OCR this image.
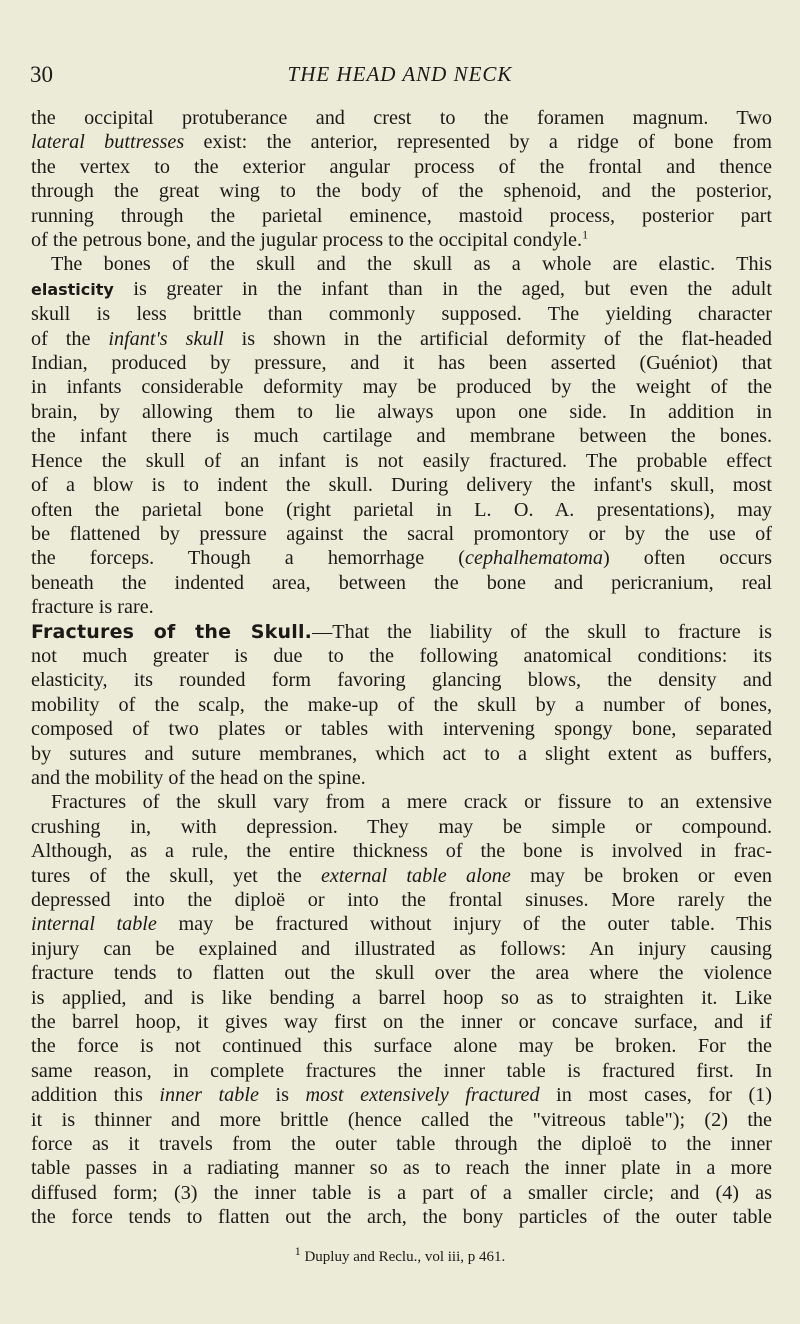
30	THE HEAD AND NECK

the occipital protuberance and crest to the foramen magnum. Two
lateral buttresses exist: the anterior, represented by a ridge of bone from
the vertex to the exterior angular process of the frontal and thence
through the great wing to the body of the sphenoid, and the posterior,
running through the parietal eminence, mastoid process, posterior part
of the petrous bone, and the jugular process to the occipital condyle.$^1$

The bones of the skull and the skull as a whole are elastic. This
elasticity is greater in the infant than in the aged, but even the adult
skull is less brittle than commonly supposed. The yielding character
of the infant's skull is shown in the artificial deformity of the flat-headed
Indian, produced by pressure, and it has been asserted (Guéniot) that
in infants considerable deformity may be produced by the weight of the
brain, by allowing them to lie always upon one side. In addition in
the infant there is much cartilage and membrane between the bones.
Hence the skull of an infant is not easily fractured. The probable effect
of a blow is to indent the skull. During delivery the infant's skull, most
often the parietal bone (right parietal in L. O. A. presentations), may
be flattened by pressure against the sacral promontory or by the use of
the forceps. Though a hemorrhage (cephalhematoma) often occurs
beneath the indented area, between the bone and pericranium, real
fracture is rare.

Fractures of the Skull.—That the liability of the skull to fracture is
not much greater is due to the following anatomical conditions: its
elasticity, its rounded form favoring glancing blows, the density and
mobility of the scalp, the make-up of the skull by a number of bones,
composed of two plates or tables with intervening spongy bone, separated
by sutures and suture membranes, which act to a slight extent as buffers,
and the mobility of the head on the spine.

Fractures of the skull vary from a mere crack or fissure to an extensive
crushing in, with depression. They may be simple or compound.
Although, as a rule, the entire thickness of the bone is involved in frac-
tures of the skull, yet the external table alone may be broken or even
depressed into the diploë or into the frontal sinuses. More rarely the
internal table may be fractured without injury of the outer table. This
injury can be explained and illustrated as follows: An injury causing
fracture tends to flatten out the skull over the area where the violence
is applied, and is like bending a barrel hoop so as to straighten it. Like
the barrel hoop, it gives way first on the inner or concave surface, and if
the force is not continued this surface alone may be broken. For the
same reason, in complete fractures the inner table is fractured first. In
addition this inner table is most extensively fractured in most cases, for (1)
it is thinner and more brittle (hence called the "vitreous table"); (2) the
force as it travels from the outer table through the diploë to the inner
table passes in a radiating manner so as to reach the inner plate in a more
diffused form; (3) the inner table is a part of a smaller circle; and (4) as
the force tends to flatten out the arch, the bony particles of the outer table

$^1$ Dupluy and Reclu., vol iii, p 461.
